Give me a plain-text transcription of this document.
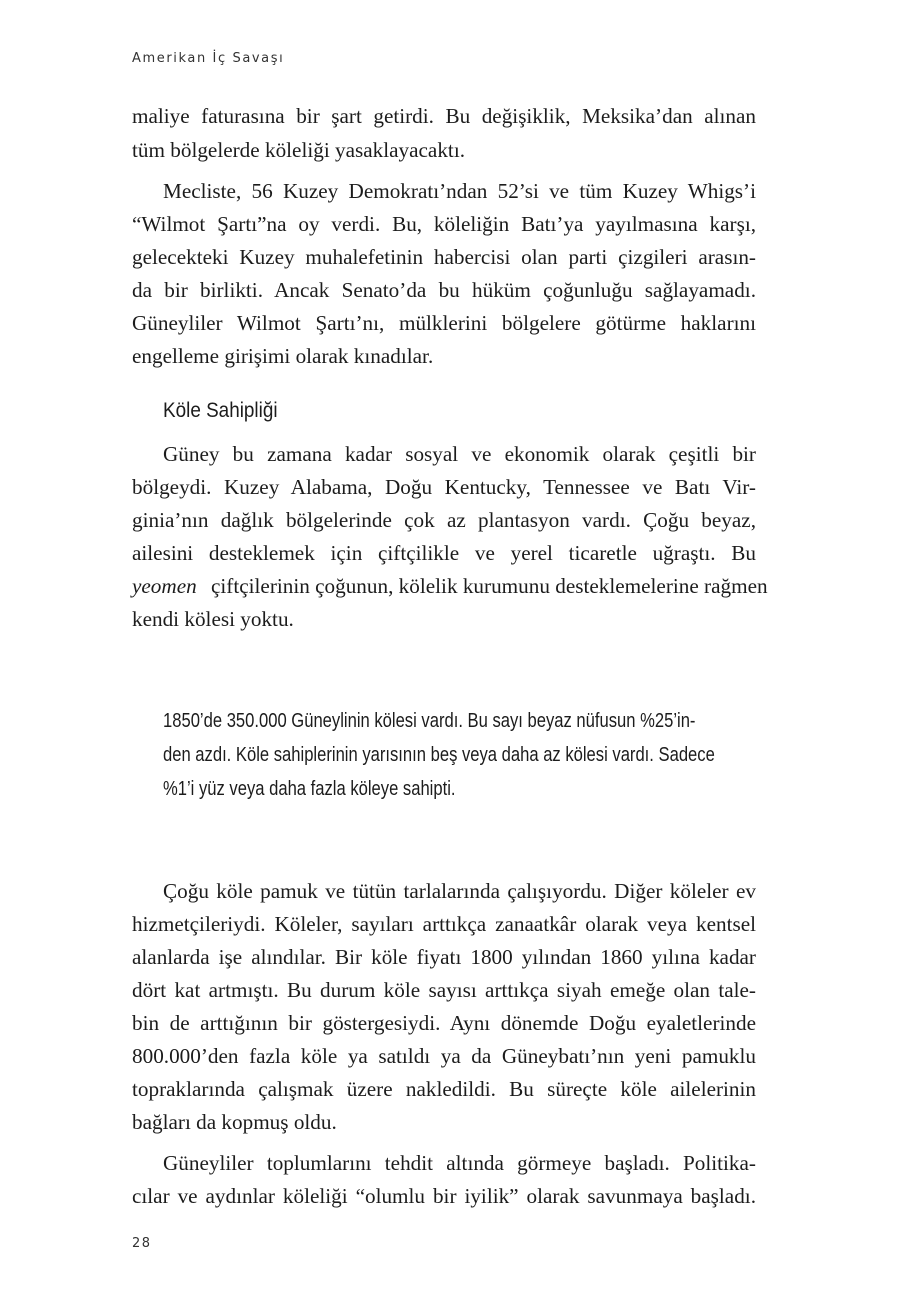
Amerikan İç Savaşı
maliye faturasına bir şart getirdi. Bu değişiklik, Meksika’dan alınan
tüm bölgelerde köleliği yasaklayacaktı.
Mecliste, 56 Kuzey Demokratı’ndan 52’si ve tüm Kuzey Whigs’i
“Wilmot Şartı”na oy verdi. Bu, köleliğin Batı’ya yayılmasına karşı,
gelecekteki Kuzey muhalefetinin habercisi olan parti çizgileri arasın-
da bir birlikti. Ancak Senato’da bu hüküm çoğunluğu sağlayamadı.
Güneyliler Wilmot Şartı’nı, mülklerini bölgelere götürme haklarını
engelleme girişimi olarak kınadılar.
Köle Sahipliği
Güney bu zamana kadar sosyal ve ekonomik olarak çeşitli bir
bölgeydi. Kuzey Alabama, Doğu Kentucky, Tennessee ve Batı Vir-
ginia’nın dağlık bölgelerinde çok az plantasyon vardı. Çoğu beyaz,
ailesini desteklemek için çiftçilikle ve yerel ticaretle uğraştı. Bu
yeomen çiftçilerinin çoğunun, kölelik kurumunu desteklemelerine rağmen
kendi kölesi yoktu.
1850’de 350.000 Güneylinin kölesi vardı. Bu sayı beyaz nüfusun %25’in-
den azdı. Köle sahiplerinin yarısının beş veya daha az kölesi vardı. Sadece
%1’i yüz veya daha fazla köleye sahipti.
Çoğu köle pamuk ve tütün tarlalarında çalışıyordu. Diğer köleler ev
hizmetçileriydi. Köleler, sayıları arttıkça zanaatkâr olarak veya kentsel
alanlarda işe alındılar. Bir köle fiyatı 1800 yılından 1860 yılına kadar
dört kat artmıştı. Bu durum köle sayısı arttıkça siyah emeğe olan tale-
bin de arttığının bir göstergesiydi. Aynı dönemde Doğu eyaletlerinde
800.000’den fazla köle ya satıldı ya da Güneybatı’nın yeni pamuklu
topraklarında çalışmak üzere nakledildi. Bu süreçte köle ailelerinin
bağları da kopmuş oldu.
Güneyliler toplumlarını tehdit altında görmeye başladı. Politika-
cılar ve aydınlar köleliği “olumlu bir iyilik” olarak savunmaya başladı.
28
